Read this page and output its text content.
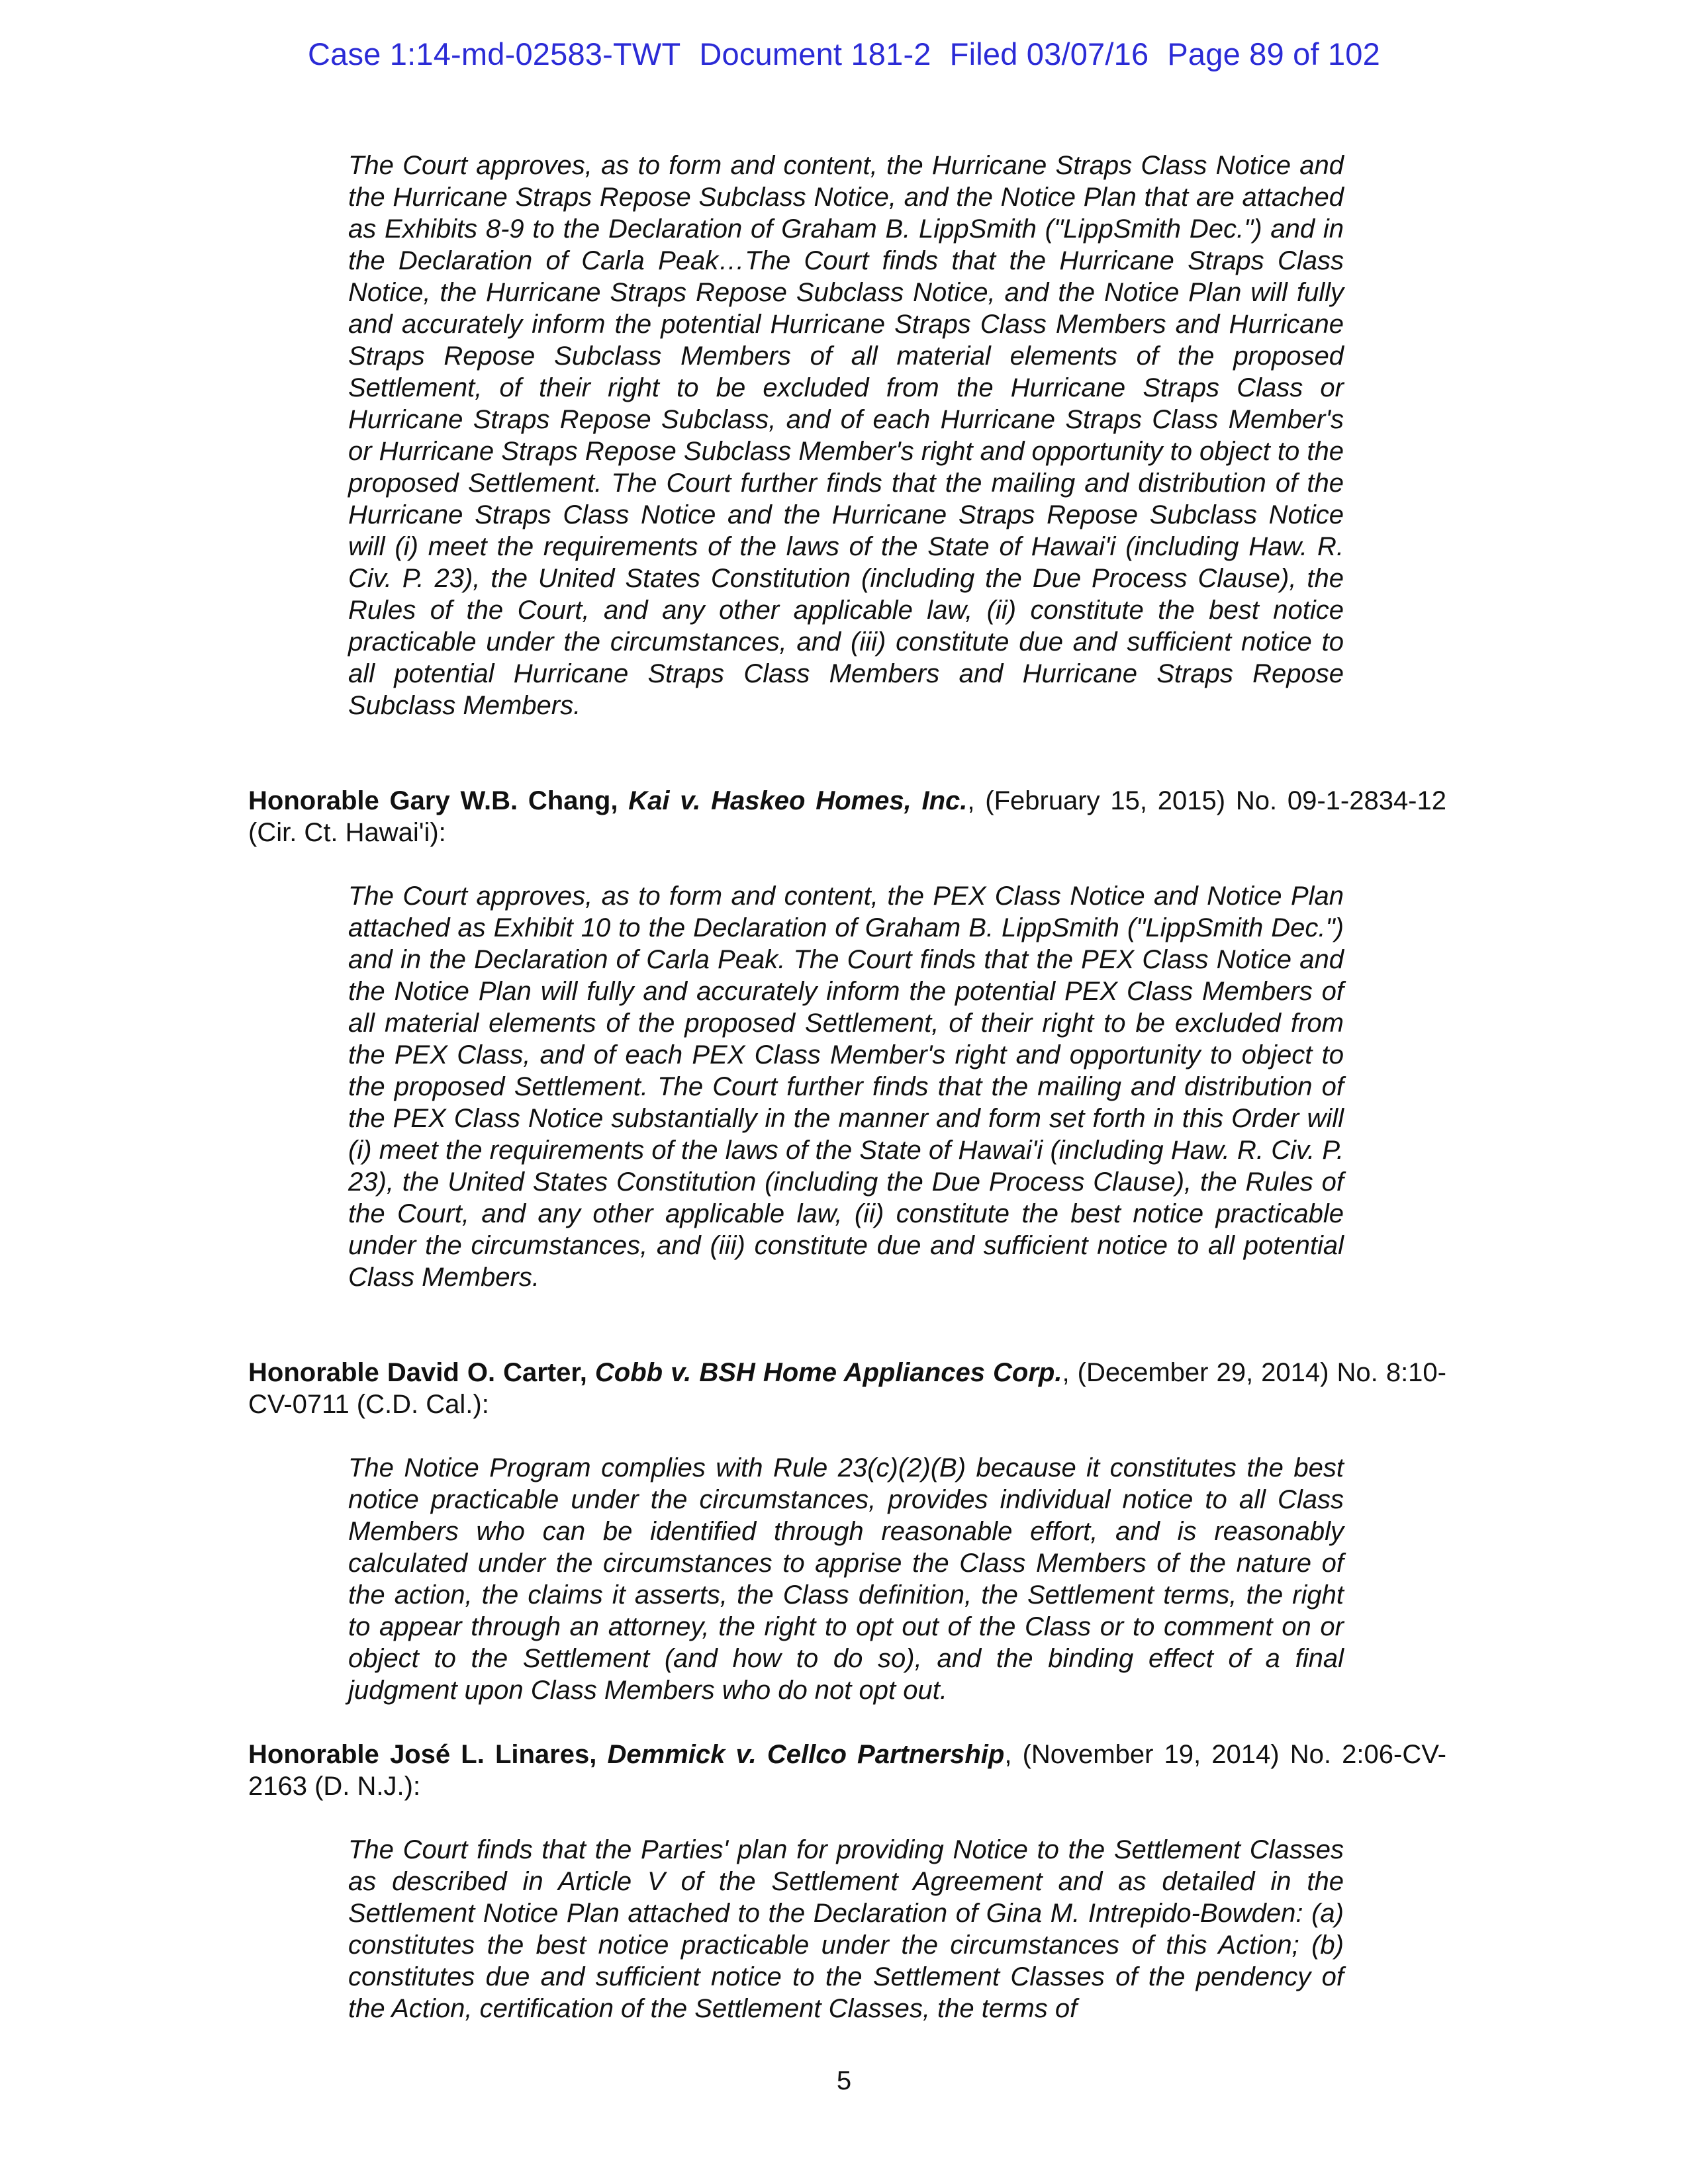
Case 1:14-md-02583-TWT Document 181-2 Filed 03/07/16 Page 89 of 102
The Court approves, as to form and content, the Hurricane Straps Class Notice and the Hurricane Straps Repose Subclass Notice, and the Notice Plan that are attached as Exhibits 8-9 to the Declaration of Graham B. LippSmith ("LippSmith Dec.") and in the Declaration of Carla Peak…The Court finds that the Hurricane Straps Class Notice, the Hurricane Straps Repose Subclass Notice, and the Notice Plan will fully and accurately inform the potential Hurricane Straps Class Members and Hurricane Straps Repose Subclass Members of all material elements of the proposed Settlement, of their right to be excluded from the Hurricane Straps Class or Hurricane Straps Repose Subclass, and of each Hurricane Straps Class Member's or Hurricane Straps Repose Subclass Member's right and opportunity to object to the proposed Settlement. The Court further finds that the mailing and distribution of the Hurricane Straps Class Notice and the Hurricane Straps Repose Subclass Notice will (i) meet the requirements of the laws of the State of Hawai'i (including Haw. R. Civ. P. 23), the United States Constitution (including the Due Process Clause), the Rules of the Court, and any other applicable law, (ii) constitute the best notice practicable under the circumstances, and (iii) constitute due and sufficient notice to all potential Hurricane Straps Class Members and Hurricane Straps Repose Subclass Members.
Honorable Gary W.B. Chang, Kai v. Haskeo Homes, Inc., (February 15, 2015) No. 09-1-2834-12 (Cir. Ct. Hawai'i):
The Court approves, as to form and content, the PEX Class Notice and Notice Plan attached as Exhibit 10 to the Declaration of Graham B. LippSmith ("LippSmith Dec.") and in the Declaration of Carla Peak. The Court finds that the PEX Class Notice and the Notice Plan will fully and accurately inform the potential PEX Class Members of all material elements of the proposed Settlement, of their right to be excluded from the PEX Class, and of each PEX Class Member's right and opportunity to object to the proposed Settlement. The Court further finds that the mailing and distribution of the PEX Class Notice substantially in the manner and form set forth in this Order will (i) meet the requirements of the laws of the State of Hawai'i (including Haw. R. Civ. P. 23), the United States Constitution (including the Due Process Clause), the Rules of the Court, and any other applicable law, (ii) constitute the best notice practicable under the circumstances, and (iii) constitute due and sufficient notice to all potential Class Members.
Honorable David O. Carter, Cobb v. BSH Home Appliances Corp., (December 29, 2014) No. 8:10-CV-0711 (C.D. Cal.):
The Notice Program complies with Rule 23(c)(2)(B) because it constitutes the best notice practicable under the circumstances, provides individual notice to all Class Members who can be identified through reasonable effort, and is reasonably calculated under the circumstances to apprise the Class Members of the nature of the action, the claims it asserts, the Class definition, the Settlement terms, the right to appear through an attorney, the right to opt out of the Class or to comment on or object to the Settlement (and how to do so), and the binding effect of a final judgment upon Class Members who do not opt out.
Honorable José L. Linares, Demmick v. Cellco Partnership, (November 19, 2014) No. 2:06-CV-2163 (D. N.J.):
The Court finds that the Parties' plan for providing Notice to the Settlement Classes as described in Article V of the Settlement Agreement and as detailed in the Settlement Notice Plan attached to the Declaration of Gina M. Intrepido-Bowden: (a) constitutes the best notice practicable under the circumstances of this Action; (b) constitutes due and sufficient notice to the Settlement Classes of the pendency of the Action, certification of the Settlement Classes, the terms of
5
